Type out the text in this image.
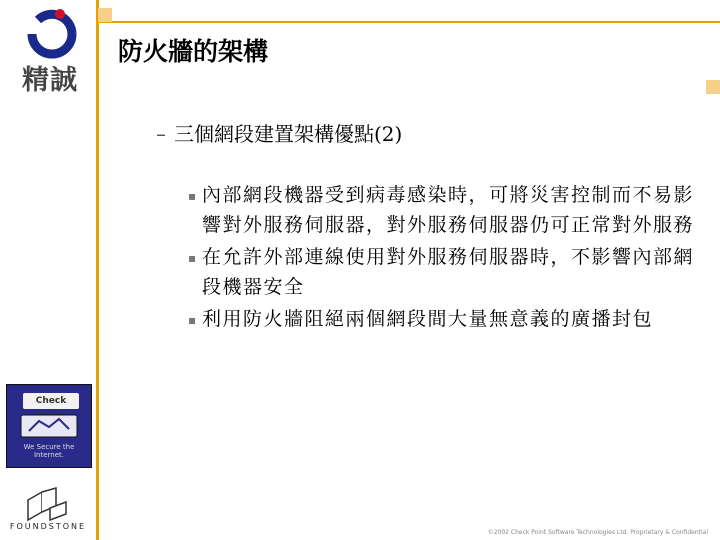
精誠
Check
We Secure the Internet.
FOUNDSTONE
防火牆的架構
– 三個網段建置架構優點(2)
▪ 內部網段機器受到病毒感染時，可將災害控制而不易影響對外服務伺服器，對外服務伺服器仍可正常對外服務
▪ 在允許外部連線使用對外服務伺服器時，不影響內部網段機器安全
▪ 利用防火牆阻絕兩個網段間大量無意義的廣播封包
©2002 Check Point Software Technologies Ltd. Proprietary & Confidential
